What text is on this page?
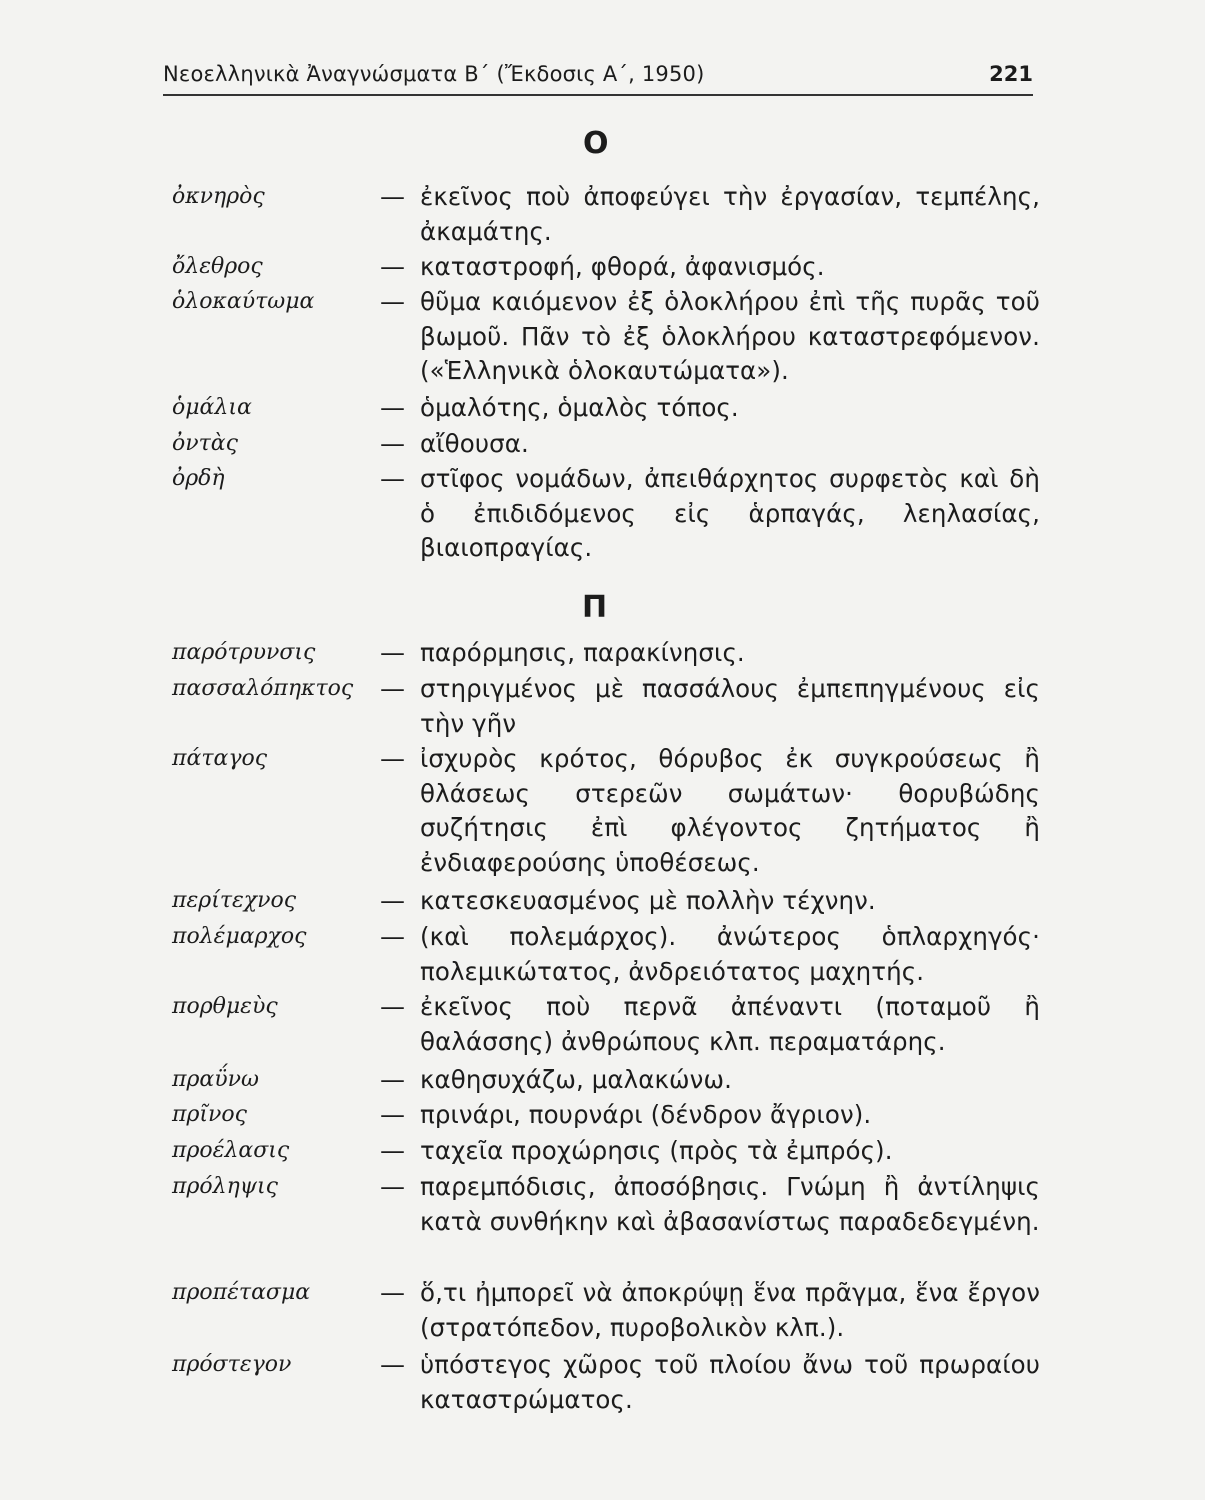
Νεοελληνικὰ Ἀναγνώσματα Β΄ (Ἔκδοσις Α΄, 1950)	221
Ο
ὀκνηρὸς	— ἐκεῖνος ποὺ ἀποφεύγει τὴν ἐργασίαν, τεμπέλης, ἀκαμάτης.
ὄλεθρος	— καταστροφή, φθορά, ἀφανισμός.
ὁλοκαύτωμα	— θῦμα καιόμενον ἐξ ὁλοκλήρου ἐπὶ τῆς πυρᾶς τοῦ βωμοῦ. Πᾶν τὸ ἐξ ὁλοκλήρου καταστρεφόμενον. («Ἑλληνικὰ ὁλοκαυτώματα»).
ὁμάλια	— ὁμαλότης, ὁμαλὸς τόπος.
ὀντὰς	— αἴθουσα.
ὀρδὴ	— στῖφος νομάδων, ἀπειθάρχητος συρφετὸς καὶ δὴ ὁ ἐπιδιδόμενος εἰς ἁρπαγάς, λεηλασίας, βιαιοπραγίας.
Π
παρότρυνσις	— παρόρμησις, παρακίνησις.
πασσαλόπηκτος — στηριγμένος μὲ πασσάλους ἐμπεπηγμένους εἰς τὴν γῆν
πάταγος	— ἰσχυρὸς κρότος, θόρυβος ἐκ συγκρούσεως ἢ θλάσεως στερεῶν σωμάτων· θορυβώδης συζήτησις ἐπὶ φλέγοντος ζητήματος ἢ ἐνδιαφερούσης ὑποθέσεως.
περίτεχνος	— κατεσκευασμένος μὲ πολλὴν τέχνην.
πολέμαρχος	— (καὶ πολεμάρχος). ἀνώτερος ὁπλαρχηγός· πολεμικώτατος, ἀνδρειότατος μαχητής.
πορθμεὺς	— ἐκεῖνος ποὺ περνᾶ ἀπέναντι (ποταμοῦ ἢ θαλάσσης) ἀνθρώπους κλπ. περαματάρης.
πραΰνω	— καθησυχάζω, μαλακώνω.
πρῖνος	— πρινάρι, πουρνάρι (δένδρον ἄγριον).
προέλασις	— ταχεῖα προχώρησις (πρὸς τὰ ἐμπρός).
πρόληψις	— παρεμπόδισις, ἀποσόβησις. Γνώμη ἢ ἀντίληψις κατὰ συνθήκην καὶ ἀβασανίστως παραδεδεγμένη.
προπέτασμα	— ὅ,τι ἠμπορεῖ νὰ ἀποκρύψῃ ἕνα πρᾶγμα, ἕνα ἔργον (στρατόπεδον, πυροβολικὸν κλπ.).
πρόστεγον	— ὑπόστεγος χῶρος τοῦ πλοίου ἄνω τοῦ πρωραίου καταστρώματος.
